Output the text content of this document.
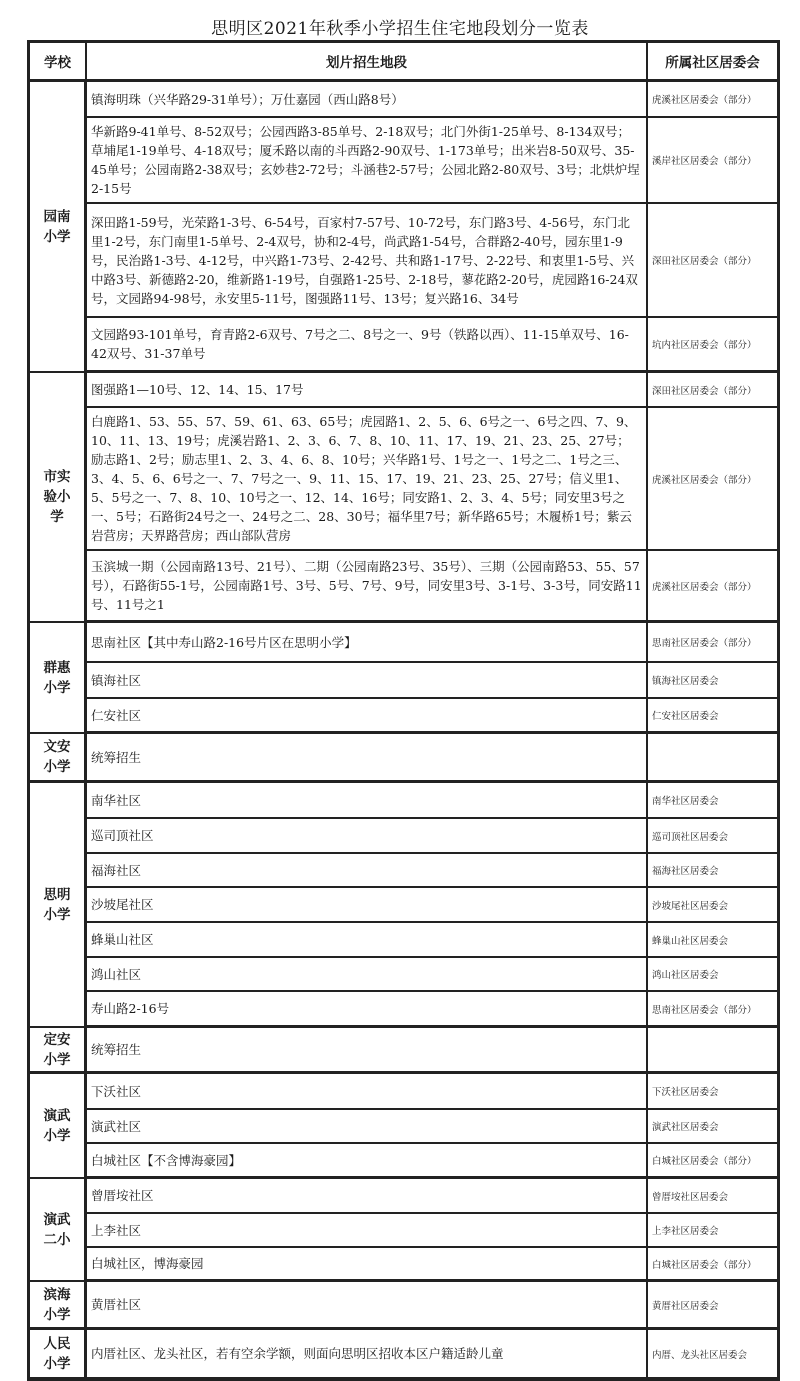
思明区2021年秋季小学招生住宅地段划分一览表
学校	划片招生地段	所属社区居委会

园南小学	镇海明珠（兴华路29-31单号）；万仕嘉园（西山路8号）	虎溪社区居委会（部分）
	华新路9-41单号、8-52双号；公园西路3-85单号、2-18双号；北门外街1-25单号、8-134双号；草埔尾1-19单号、4-18双号；厦禾路以南的斗西路2-90双号、1-173单号；出米岩8-50双号、35-45单号；公园南路2-38双号；玄妙巷2-72号；斗涵巷2-57号；公园北路2-80双号、3号；北烘炉埕2-15号	溪岸社区居委会（部分）
	深田路1-59号，光荣路1-3号、6-54号，百家村7-57号、10-72号，东门路3号、4-56号，东门北里1-2号，东门南里1-5单号、2-4双号，协和2-4号，尚武路1-54号，合群路2-40号，园东里1-9号，民治路1-3号、4-12号，中兴路1-73号、2-42号、共和路1-17号、2-22号、和衷里1-5号、兴中路3号、新德路2-20，维新路1-19号，自强路1-25号、2-18号，蓼花路2-20号，虎园路16-24双号，文园路94-98号，永安里5-11号，图强路11号、13号；复兴路16、34号	深田社区居委会（部分）
	文园路93-101单号，育青路2-6双号、7号之二、8号之一、9号（铁路以西）、11-15单双号、16-42双号、31-37单号	坑内社区居委会（部分）

市实验小学	图强路1—10号、12、14、15、17号	深田社区居委会（部分）
	白鹿路1、53、55、57、59、61、63、65号；虎园路1、2、5、6、6号之一、6号之四、7、9、10、11、13、19号；虎溪岩路1、2、3、6、7、8、10、11、17、19、21、23、25、27号；励志路1、2号；励志里1、2、3、4、6、8、10号；兴华路1号、1号之一、1号之二、1号之三、3、4、5、6、6号之一、7、7号之一、9、11、15、17、19、21、23、25、27号；信义里1、5、5号之一、7、8、10、10号之一、12、14、16号；同安路1、2、3、4、5号；同安里3号之一、5号；石路街24号之一、24号之二、28、30号；福华里7号；新华路65号；木履桥1号；紫云岩营房；天界路营房；西山部队营房	虎溪社区居委会（部分）
	玉滨城一期（公园南路13号、21号）、二期（公园南路23号、35号）、三期（公园南路53、55、57号），石路街55-1号，公园南路1号、3号、5号、7号、9号，同安里3号、3-1号、3-3号，同安路11号、11号之1	虎溪社区居委会（部分）

群惠小学	思南社区【其中寿山路2-16号片区在思明小学】	思南社区居委会（部分）
	镇海社区	镇海社区居委会
	仁安社区	仁安社区居委会

文安小学	统筹招生	

思明小学	南华社区	南华社区居委会
	巡司顶社区	巡司顶社区居委会
	福海社区	福海社区居委会
	沙坡尾社区	沙坡尾社区居委会
	蜂巢山社区	蜂巢山社区居委会
	鸿山社区	鸿山社区居委会
	寿山路2-16号	思南社区居委会（部分）

定安小学	统筹招生	

演武小学	下沃社区	下沃社区居委会
	演武社区	演武社区居委会
	白城社区【不含博海豪园】	白城社区居委会（部分）

演武二小	曾厝垵社区	曾厝垵社区居委会
	上李社区	上李社区居委会
	白城社区，博海豪园	白城社区居委会（部分）

滨海小学	黄厝社区	黄厝社区居委会

人民小学	内厝社区、龙头社区，若有空余学额，则面向思明区招收本区户籍适龄儿童	内厝、龙头社区居委会
